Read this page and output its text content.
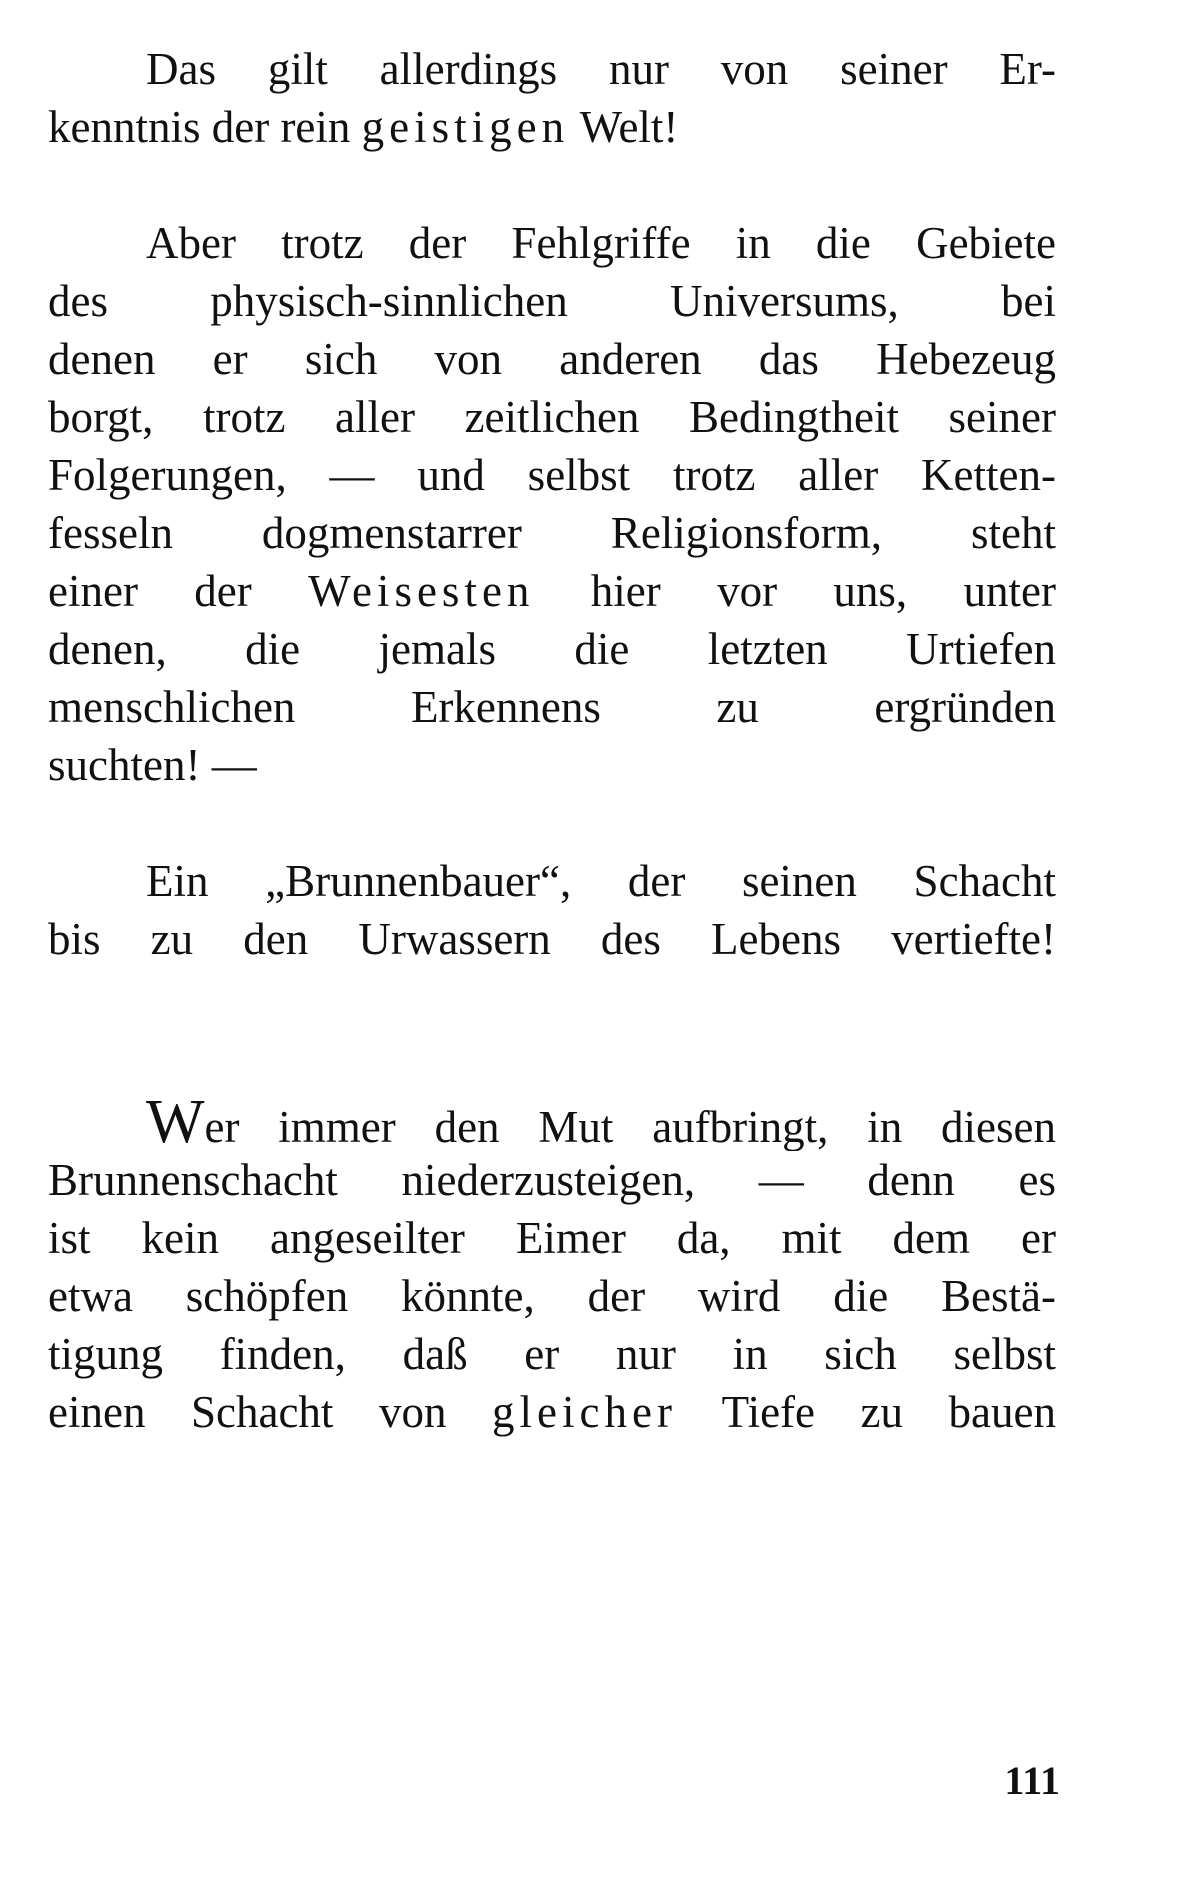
Das gilt allerdings nur von seiner Er-
kenntnis der rein geistigen Welt!
Aber trotz der Fehlgriffe in die Gebiete
des physisch-sinnlichen Universums, bei
denen er sich von anderen das Hebezeug
borgt, trotz aller zeitlichen Bedingtheit seiner
Folgerungen, — und selbst trotz aller Ketten-
fesseln dogmenstarrer Religionsform, steht
einer der Weisesten hier vor uns, unter
denen, die jemals die letzten Urtiefen
menschlichen Erkennens zu ergründen
suchten! —
Ein „Brunnenbauer“, der seinen Schacht
bis zu den Urwassern des Lebens vertiefte!
Wer immer den Mut aufbringt, in diesen
Brunnenschacht niederzusteigen, — denn es
ist kein angeseilter Eimer da, mit dem er
etwa schöpfen könnte, der wird die Bestä-
tigung finden, daß er nur in sich selbst
einen Schacht von gleicher Tiefe zu bauen
111
